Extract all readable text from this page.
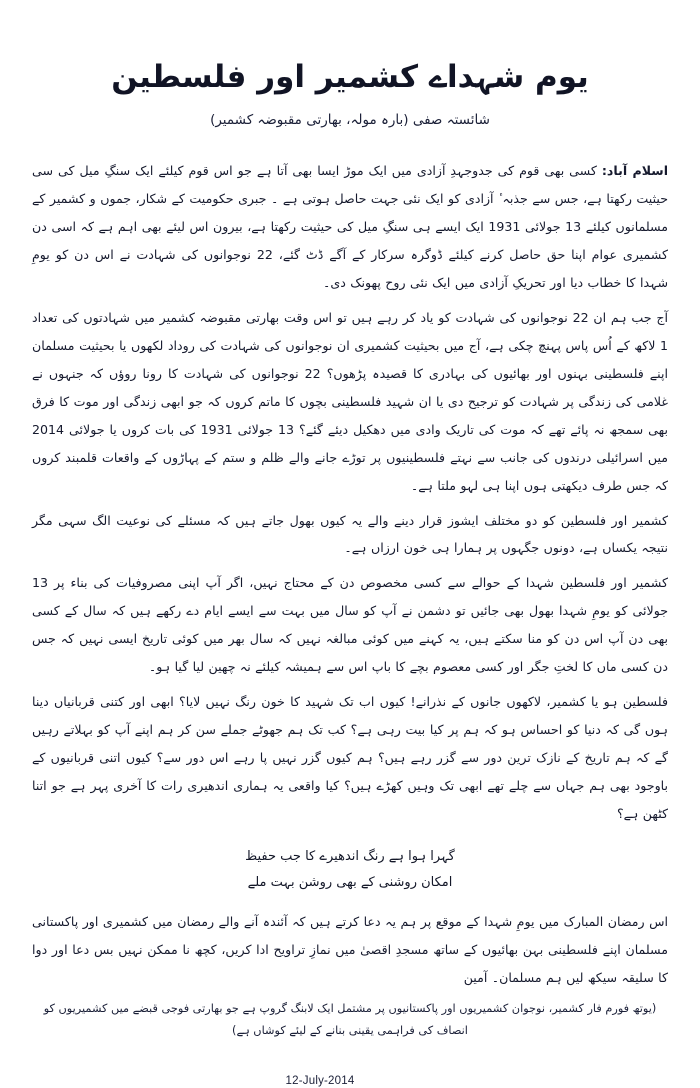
یوم شہداے کشمیر اور فلسطین
شائستہ صفی (بارہ مولہ، بھارتی مقبوضہ کشمیر)

اسلام آباد: کسی بھی قوم کی جدوجہدِ آزادی میں ایک موڑ ایسا بھی آتا ہے جو اس قوم کیلئے ایک سنگِ میل کی سی حیثیت رکھتا ہے، جس سے جذبہ ٔ آزادی کو ایک نئی جہت حاصل ہوتی ہے ۔ جبری حکومیت کے شکار، جموں و کشمیر کے مسلمانوں کیلئے 13 جولائی 1931 ایک ایسے ہی سنگِ میل کی حیثیت رکھتا ہے، بیرون اس لیئے بھی اہم ہے کہ اسی دن کشمیری عوام اپنا حق حاصل کرنے کیلئے ڈوگرہ سرکار کے آگے ڈٹ گئے، 22 نوجوانوں کی شہادت نے اس دن کو یومِ شہدا کا خطاب دیا اور تحریکِ آزادی میں ایک نئی روح پھونک دی۔

آج جب ہم ان 22 نوجوانوں کی شہادت کو یاد کر رہے ہیں تو اس وقت بھارتی مقبوضہ کشمیر میں شہادتوں کی تعداد 1 لاکھ کے اُس پاس پہنچ چکی ہے، آج میں بحیثیت کشمیری ان نوجوانوں کی شہادت کی روداد لکھوں یا بحیثیت مسلمان اپنے فلسطینی بہنوں اور بھائیوں کی بہادری کا قصیدہ پڑھوں؟ 22 نوجوانوں کی شہادت کا رونا روؤں کہ جنہوں نے غلامی کی زندگی پر شہادت کو ترجیح دی یا ان شہید فلسطینی بچوں کا ماتم کروں کہ جو ابھی زندگی اور موت کا فرق بھی سمجھ نہ پائے تھے کہ موت کی تاریک وادی میں دھکیل دیئے گئے؟ 13 جولائی 1931 کی بات کروں یا جولائی 2014 میں اسرائیلی درندوں کی جانب سے نہتے فلسطینیوں پر توڑے جانے والے ظلم و ستم کے پہاڑوں کے واقعات قلمبند کروں کہ جس طرف دیکھتی ہوں اپنا ہی لہو ملتا ہے۔

کشمیر اور فلسطین کو دو مختلف ایشوز قرار دینے والے یہ کیوں بھول جاتے ہیں کہ مسئلے کی نوعیت الگ سہی مگر نتیجہ یکساں ہے، دونوں جگہوں پر ہمارا ہی خون ارزاں ہے۔

کشمیر اور فلسطین شہدا کے حوالے سے کسی مخصوص دن کے محتاج نہیں، اگر آپ اپنی مصروفیات کی بناء پر 13 جولائی کو یومِ شہدا بھول بھی جائیں تو دشمن نے آپ کو سال میں بہت سے ایسے ایام دے رکھے ہیں کہ سال کے کسی بھی دن آپ اس دن کو منا سکتے ہیں، یہ کہنے میں کوئی مبالغہ نہیں کہ سال بھر میں کوئی تاریخ ایسی نہیں کہ جس دن کسی ماں کا لختِ جگر اور کسی معصوم بچے کا باپ اس سے ہمیشہ کیلئے نہ چھین لیا گیا ہو۔

فلسطین ہو یا کشمیر، لاکھوں جانوں کے نذرانے! کیوں اب تک شہید کا خون رنگ نہیں لایا؟ ابھی اور کتنی قربانیاں دینا ہوں گی کہ دنیا کو احساس ہو کہ ہم پر کیا بیت رہی ہے؟ کب تک ہم جھوٹے جملے سن کر ہم اپنے آپ کو بہلاتے رہیں گے کہ ہم تاریخ کے نازک ترین دور سے گزر رہے ہیں؟ ہم کیوں گزر نہیں پا رہے اس دور سے؟ کیوں اتنی قربانیوں کے باوجود بھی ہم جہاں سے چلے تھے ابھی تک وہیں کھڑے ہیں؟ کیا واقعی یہ ہماری اندھیری رات کا آخری پہر ہے جو اتنا کٹھن ہے؟

گہرا ہوا ہے رنگ اندھیرے کا جب حفیظ
امکان روشنی کے بھی روشن بہت ملے

اس رمضان المبارک میں یومِ شہدا کے موقع پر ہم یہ دعا کرتے ہیں کہ آئندہ آنے والے رمضان میں کشمیری اور پاکستانی مسلمان اپنے فلسطینی بہن بھائیوں کے ساتھ مسجدِ اقصیٰ میں نمازِ تراویح ادا کریں، کچھ نا ممکن نہیں بس دعا اور دوا کا سلیقہ سیکھ لیں ہم مسلمان۔ آمین

(یوتھ فورم فار کشمیر، نوجوان کشمیریوں اور پاکستانیوں پر مشتمل ایک لابنگ گروپ ہے جو بھارتی فوجی قبضے میں کشمیریوں کو انصاف کی فراہمی یقینی بنانے کے لیئے کوشاں ہے)
12-July-2014
